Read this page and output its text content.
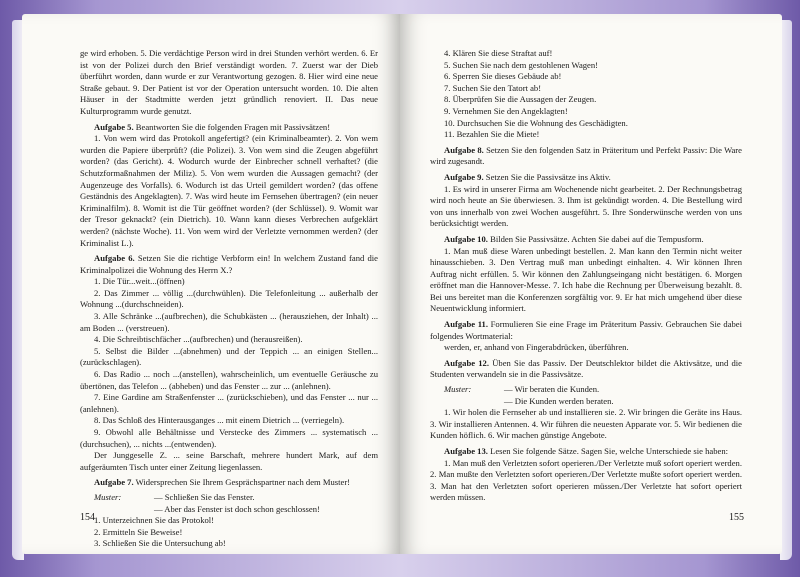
ge wird erhoben. 5. Die verdächtige Person wird in drei Stunden verhört werden. 6. Er ist von der Polizei durch den Brief verständigt worden. 7. Zuerst war der Dieb überführt worden, dann wurde er zur Verantwortung gezogen. 8. Hier wird eine neue Straße gebaut. 9. Der Patient ist vor der Operation untersucht worden. 10. Die alten Häuser in der Stadtmitte werden jetzt gründlich renoviert. II. Das neue Kulturprogramm wurde genutzt.

Aufgabe 5. Beantworten Sie die folgenden Fragen mit Passivsätzen!

1. Von wem wird das Protokoll angefertigt? (ein Kriminalbeamter). 2. Von wem wurden die Papiere überprüft? (die Polizei). 3. Von wem sind die Zeugen abgeführt worden? (das Gericht). 4. Wodurch wurde der Einbrecher schnell verhaftet? (die Schutzformaßnahmen der Miliz). 5. Von wem wurden die Aussagen gemacht? (der Augenzeuge des Vorfalls). 6. Wodurch ist das Urteil gemildert worden? (das offene Geständnis des Angeklagten). 7. Was wird heute im Fernsehen übertragen? (ein neuer Kriminalfilm). 8. Womit ist die Tür geöffnet worden? (der Schlüssel). 9. Womit war der Tresor geknackt? (ein Dietrich). 10. Wann kann dieses Verbrechen aufgeklärt werden? (nächste Woche). 11. Von wem wird der Verletzte vernommen werden? (der Kriminalist L.).

Aufgabe 6. Setzen Sie die richtige Verbform ein! In welchem Zustand fand die Kriminalpolizei die Wohnung des Herrn X.?

1. Die Tür...weit...(öffnen)

2. Das Zimmer ... völlig ...(durchwühlen). Die Telefonleitung ... außerhalb der Wohnung ...(durchschneiden).

3. Alle Schränke ...(aufbrechen), die Schubkästen ... (herausziehen, der Inhalt) ... am Boden ... (verstreuen).

4. Die Schreibtischfächer ...(aufbrechen) und (herausreißen).

5. Selbst die Bilder ...(abnehmen) und der Teppich ... an einigen Stellen... (zurückschlagen).

6. Das Radio ... noch ...(anstellen), wahrscheinlich, um eventuelle Geräusche zu übertönen, das Telefon ... (abheben) und das Fenster ... zur ... (anlehnen).

7. Eine Gardine am Straßenfenster ... (zurückschieben), und das Fenster ... nur ... (anlehnen).

8. Das Schloß des Hinterausganges ... mit einem Dietrich ... (verriegeln).

9. Obwohl alle Behältnisse und Verstecke des Zimmers ... systematisch ...(durchsuchen), ... nichts ...(entwenden).

Der Junggeselle Z. ... seine Barschaft, mehrere hundert Mark, auf dem aufgeräumten Tisch unter einer Zeitung liegenlassen.

Aufgabe 7. Widersprechen Sie Ihrem Gesprächspartner nach dem Muster!

Muster:	— Schließen Sie das Fenster.

— Aber das Fenster ist doch schon geschlossen!

1. Unterzeichnen Sie das Protokol!

2. Ermitteln Sie Beweise!

3. Schließen Sie die Untersuchung ab!

154

4. Klären Sie diese Straftat auf!

5. Suchen Sie nach dem gestohlenen Wagen!

6. Sperren Sie dieses Gebäude ab!

7. Suchen Sie den Tatort ab!

8. Überprüfen Sie die Aussagen der Zeugen.

9. Vernehmen Sie den Angeklagten!

10. Durchsuchen Sie die Wohnung des Geschädigten.

11. Bezahlen Sie die Miete!

Aufgabe 8. Setzen Sie den folgenden Satz in Präteritum und Perfekt Passiv: Die Ware wird zugesandt.

Aufgabe 9. Setzen Sie die Passivsätze ins Aktiv.

1. Es wird in unserer Firma am Wochenende nicht gearbeitet. 2. Der Rechnungsbetrag wird noch heute an Sie überwiesen. 3. Ihm ist gekündigt worden. 4. Die Bestellung wird von uns innerhalb von zwei Wochen ausgeführt. 5. Ihre Sonderwünsche werden von uns berücksichtigt werden.

Aufgabe 10. Bilden Sie Passivsätze. Achten Sie dabei auf die Tempusform.

1. Man muß diese Waren unbedingt bestellen. 2. Man kann den Termin nicht weiter hinausschieben. 3. Den Vertrag muß man unbedingt einhalten. 4. Wir können Ihren Auftrag nicht erfüllen. 5. Wir können den Zahlungseingang nicht bestätigen. 6. Morgen eröffnet man die Hannover-Messe. 7. Ich habe die Rechnung per Überweisung bezahlt. 8. Bei uns bereitet man die Konferenzen sorgfältig vor. 9. Er hat mich umgehend über diese Neuentwicklung informiert.

Aufgabe 11. Formulieren Sie eine Frage im Präteritum Passiv. Gebrauchen Sie dabei folgendes Wortmaterial:

werden, er, anhand von Fingerabdrücken, überführen.

Aufgabe 12. Üben Sie das Passiv. Der Deutschlektor bildet die Aktivsätze, und die Studenten verwandeln sie in die Passivsätze.

Muster:	— Wir beraten die Kunden.

— Die Kunden werden beraten.

1. Wir holen die Fernseher ab und installieren sie. 2. Wir bringen die Geräte ins Haus. 3. Wir installieren Antennen. 4. Wir führen die neuesten Apparate vor. 5. Wir bedienen die Kunden höflich. 6. Wir machen günstige Angebote.

Aufgabe 13. Lesen Sie folgende Sätze. Sagen Sie, welche Unterschiede sie haben:

1. Man muß den Verletzten sofort operieren./Der Verletzte muß sofort operiert werden. 2. Man mußte den Verletzten sofort operieren./Der Verletzte mußte sofort operiert werden. 3. Man hat den Verletzten sofort operieren müssen./Der Verletzte hat sofort operiert werden müssen.

155
